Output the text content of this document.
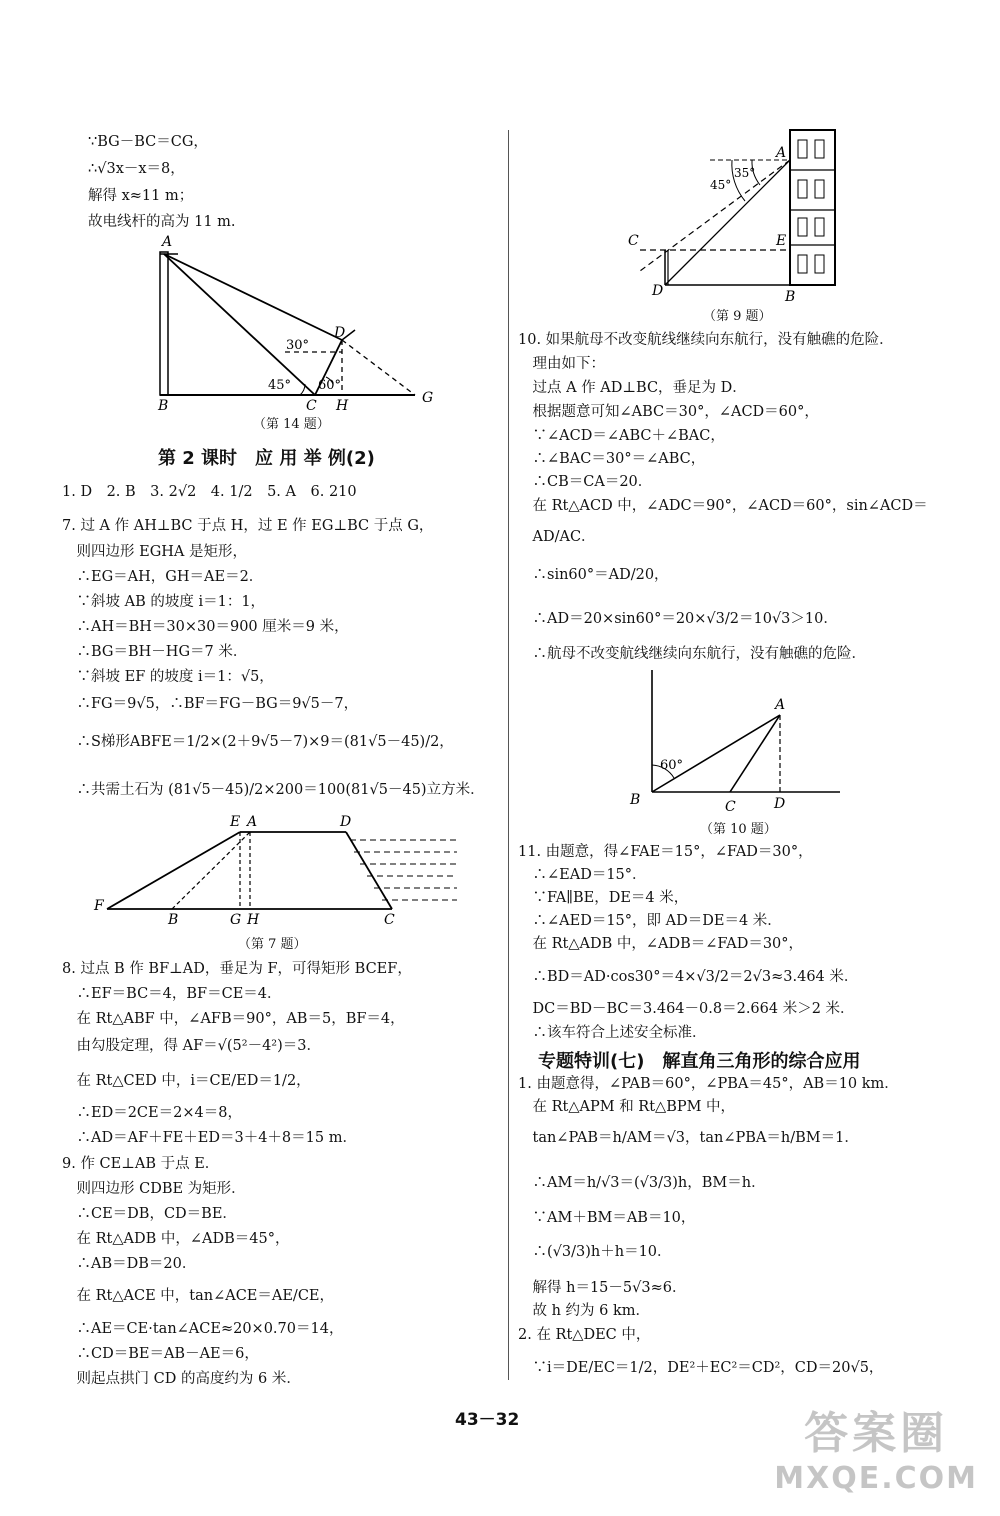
∵BG－BC＝CG，
∴√3x－x＝8，
解得 x≈11 m；
故电线杆的高为 11 m.
A
B	C H
D
G
30°
45° 60°
（第 14 题）
第 2 课时　应 用 举 例(2)
1. D　2. B　3. 2√2　4. 1/2　5. A　6. 210
7. 过 A 作 AH⊥BC 于点 H，过 E 作 EG⊥BC 于点 G，
　则四边形 EGHA 是矩形，
　∴EG＝AH，GH＝AE＝2．
　∵斜坡 AB 的坡度 i＝1：1，
　∴AH＝BH＝30×30＝900 厘米＝9 米，
　∴BG＝BH－HG＝7 米．
　∵斜坡 EF 的坡度 i＝1：√5，
　∴FG＝9√5，∴BF＝FG－BG＝9√5－7，
　∴S梯形ABFE＝1/2×(2＋9√5－7)×9＝(81√5－45)/2，
　∴共需土石为 (81√5－45)/2×200＝100(81√5－45)立方米．
E A	D
F
B	G H	C
（第 7 题）
8. 过点 B 作 BF⊥AD，垂足为 F，可得矩形 BCEF，
　∴EF＝BC＝4，BF＝CE＝4．
　在 Rt△ABF 中，∠AFB＝90°，AB＝5，BF＝4，
　由勾股定理，得 AF＝√(5²－4²)＝3．
　在 Rt△CED 中，i＝CE/ED＝1/2，
　∴ED＝2CE＝2×4＝8，
　∴AD＝AF＋FE＋ED＝3＋4＋8＝15 m．
9. 作 CE⊥AB 于点 E．
　则四边形 CDBE 为矩形．
　∴CE＝DB，CD＝BE．
　在 Rt△ADB 中，∠ADB＝45°，
　∴AB＝DB＝20．
　在 Rt△ACE 中，tan∠ACE＝AE/CE，
　∴AE＝CE·tan∠ACE≈20×0.70＝14，
　∴CD＝BE＝AB－AE＝6，
　则起点拱门 CD 的高度约为 6 米．
A
35°
45°
C	E
D	B
（第 9 题）
10. 如果航母不改变航线继续向东航行，没有触礁的危险．
　理由如下：
　过点 A 作 AD⊥BC，垂足为 D．
　根据题意可知∠ABC＝30°，∠ACD＝60°，
　∵∠ACD＝∠ABC＋∠BAC，
　∴∠BAC＝30°＝∠ABC，
　∴CB＝CA＝20．
　在 Rt△ACD 中，∠ADC＝90°，∠ACD＝60°，sin∠ACD＝
　AD/AC．
　∴sin60°＝AD/20，
　∴AD＝20×sin60°＝20×√3/2＝10√3＞10．
　∴航母不改变航线继续向东航行，没有触礁的危险．
A
60°
B	C	D
（第 10 题）
11. 由题意，得∠FAE＝15°，∠FAD＝30°，
　∴∠EAD＝15°．
　∵FA∥BE，DE＝4 米，
　∴∠AED＝15°，即 AD＝DE＝4 米．
　在 Rt△ADB 中，∠ADB＝∠FAD＝30°，
　∴BD＝AD·cos30°＝4×√3/2＝2√3≈3.464 米．
　DC＝BD－BC＝3.464－0.8＝2.664 米＞2 米．
　∴该车符合上述安全标准．
专题特训(七)　解直角三角形的综合应用
1. 由题意得，∠PAB＝60°，∠PBA＝45°，AB＝10 km．
　在 Rt△APM 和 Rt△BPM 中，
　tan∠PAB＝h/AM＝√3，tan∠PBA＝h/BM＝1．
　∴AM＝h/√3＝(√3/3)h，BM＝h．
　∵AM＋BM＝AB＝10，
　∴(√3/3)h＋h＝10．
　解得 h＝15－5√3≈6．
　故 h 约为 6 km．
2. 在 Rt△DEC 中，
　∵i＝DE/EC＝1/2，DE²＋EC²＝CD²，CD＝20√5，
43－32	答案圈
MXQE.COM
